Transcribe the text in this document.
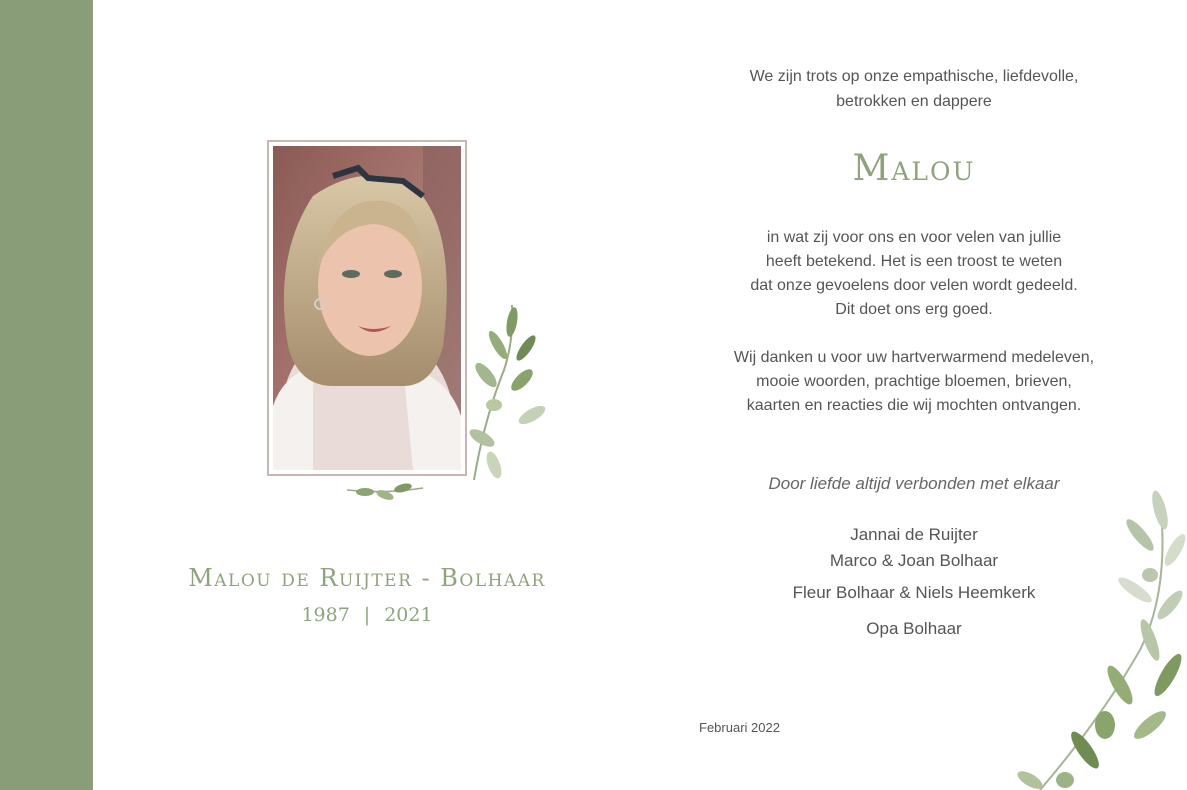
Malou de Ruijter - Bolhaar
1987 | 2021
We zijn trots op onze empathische, liefdevolle,
betrokken en dappere
Malou
in wat zij voor ons en voor velen van jullie
heeft betekend. Het is een troost te weten
dat onze gevoelens door velen wordt gedeeld.
Dit doet ons erg goed.
Wij danken u voor uw hartverwarmend medeleven,
mooie woorden, prachtige bloemen, brieven,
kaarten en reacties die wij mochten ontvangen.
Door liefde altijd verbonden met elkaar
Jannai de Ruijter
Marco & Joan Bolhaar
Fleur Bolhaar & Niels Heemkerk
Opa Bolhaar
Februari 2022
